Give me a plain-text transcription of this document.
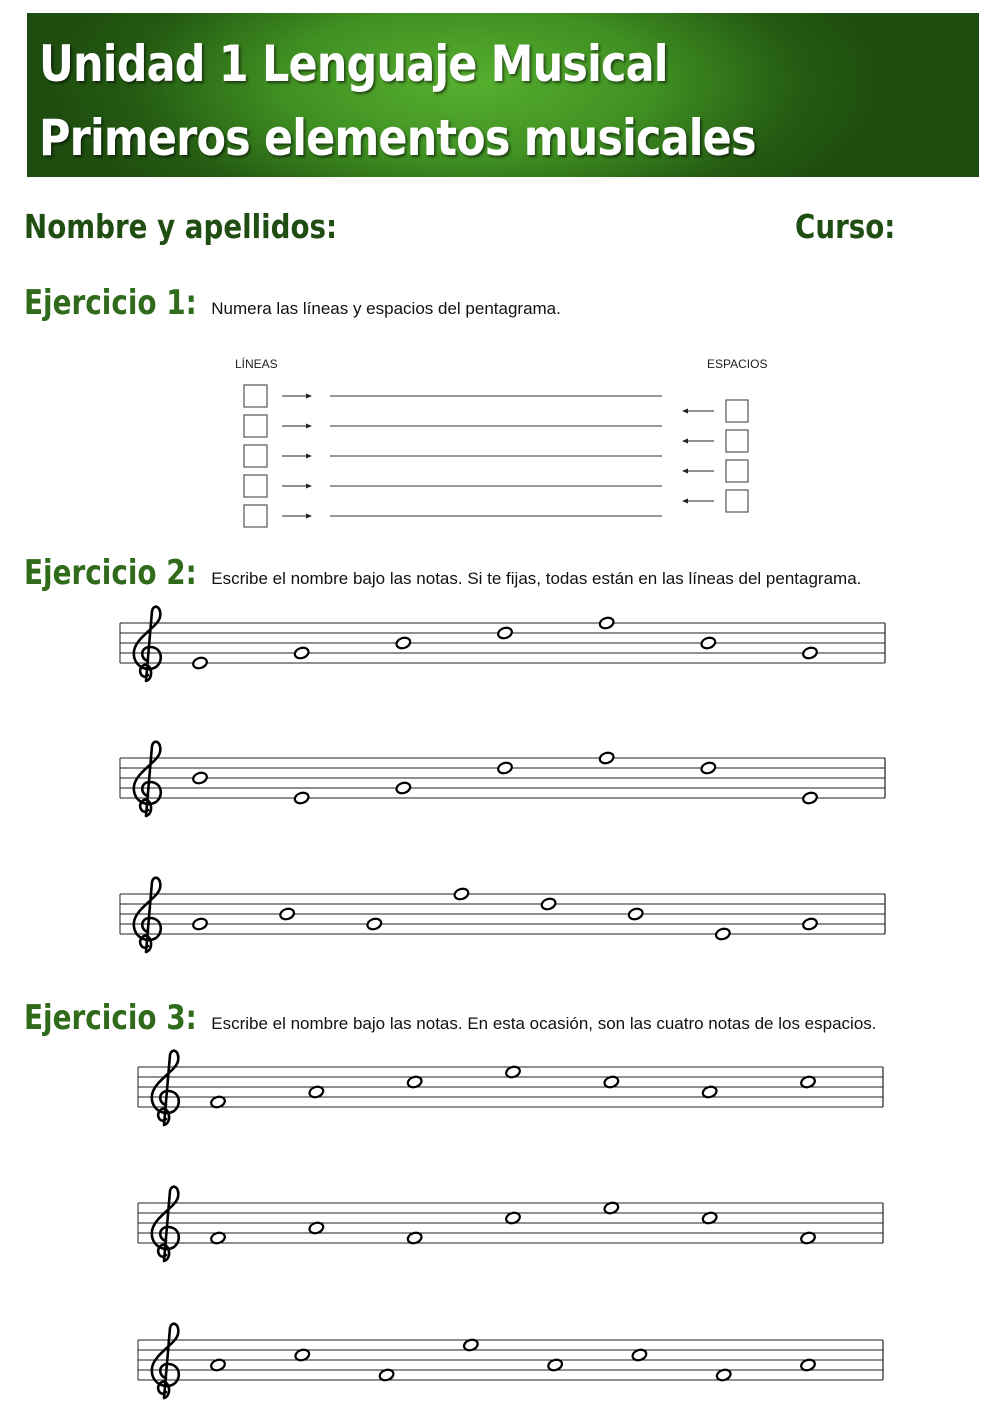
Unidad 1 Lenguaje Musical

Primeros elementos musicales

Nombre y apellidos:	Curso:

Ejercicio 1: Numera las líneas y espacios del pentagrama.
LÍNEAS	ESPACIOS
Ejercicio 2: Escribe el nombre bajo las notas. Si te fijas, todas están en las líneas del pentagrama.
Ejercicio 3: Escribe el nombre bajo las notas. En esta ocasión, son las cuatro notas de los espacios.
